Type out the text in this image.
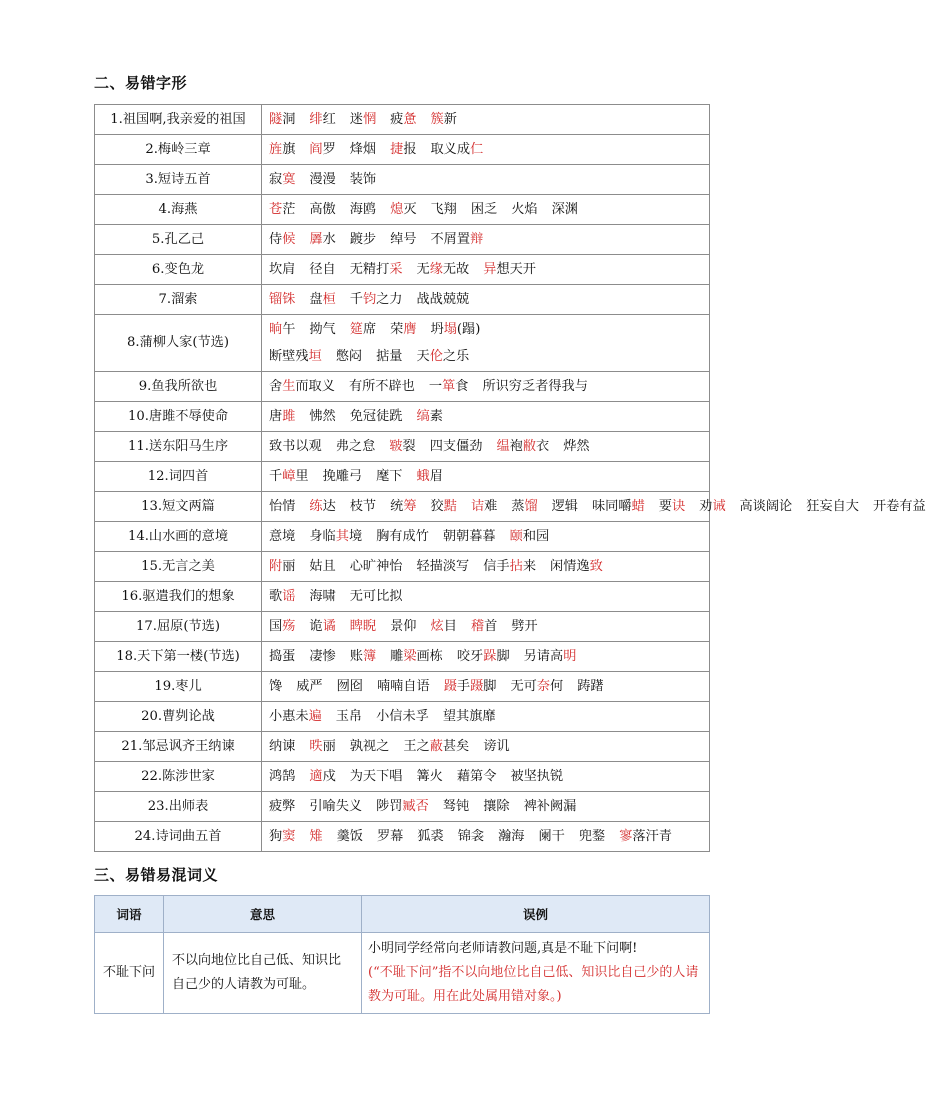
二、易错字形
1.祖国啊,我亲爱的祖国	隧洞 绯红 迷惘 疲惫 簇新
2.梅岭三章	旌旗 阎罗 烽烟 捷报 取义成仁
3.短诗五首	寂寞 漫漫 装饰
4.海燕	苍茫 高傲 海鸥 熄灭 飞翔 困乏 火焰 深渊
5.孔乙己	侍候 羼水 踱步 绰号 不屑置辩
6.变色龙	坎肩 径自 无精打采 无缘无故 异想天开
7.溜索	镏铢 盘桓 千钧之力 战战兢兢
8.蒲柳人家(节选)	晌午 拗气 筵席 荣膺 坍塌(蹋)断壁残垣 憋闷 掂量 天伦之乐
9.鱼我所欲也	舍生而取义 有所不辟也 一箪食 所识穷乏者得我与
10.唐雎不辱使命	唐雎 怫然 免冠徒跣 缟素
11.送东阳马生序	致书以观 弗之怠 皲裂 四支僵劲 缊袍敝衣 烨然
12.词四首	千嶂里 挽雕弓 麾下 蛾眉
13.短文两篇	怡情 练达 枝节 统筹 狡黠 诘难 蒸馏 逻辑 味同嚼蜡 要诀 劝诫 高谈阔论 狂妄自大 开卷有益
14.山水画的意境	意境 身临其境 胸有成竹 朝朝暮暮 颐和园
15.无言之美	附丽 姑且 心旷神怡 轻描淡写 信手拈来 闲情逸致
16.驱遣我们的想象	歌谣 海啸 无可比拟
17.屈原(节选)	国殇 诡谲 睥睨 景仰 炫目 稽首 劈开
18.天下第一楼(节选)	捣蛋 凄惨 账簿 雕梁画栋 咬牙跺脚 另请高明
19.枣儿	馋 威严 囫囵 喃喃自语 蹑手蹑脚 无可奈何 踌躇
20.曹刿论战	小惠未遍 玉帛 小信未孚 望其旗靡
21.邹忌讽齐王纳谏	纳谏 昳丽 孰视之 王之蔽甚矣 谤讥
22.陈涉世家	鸿鹄 適戍 为天下唱 篝火 藉第令 被坚执锐
23.出师表	疲弊 引喻失义 陟罚臧否 驽钝 攘除 裨补阙漏
24.诗词曲五首	狗窦 雉 羹饭 罗幕 狐裘 锦衾 瀚海 阑干 兜鍪 寥落汗青
三、易错易混词义
词语	意思	误例
不耻下问	不以向地位比自己低、知识比自己少的人请教为可耻。	小明同学经常向老师请教问题,真是不耻下问啊!
(“不耻下问”指不以向地位比自己低、知识比自己少的人请教为可耻。用在此处属用错对象。)
